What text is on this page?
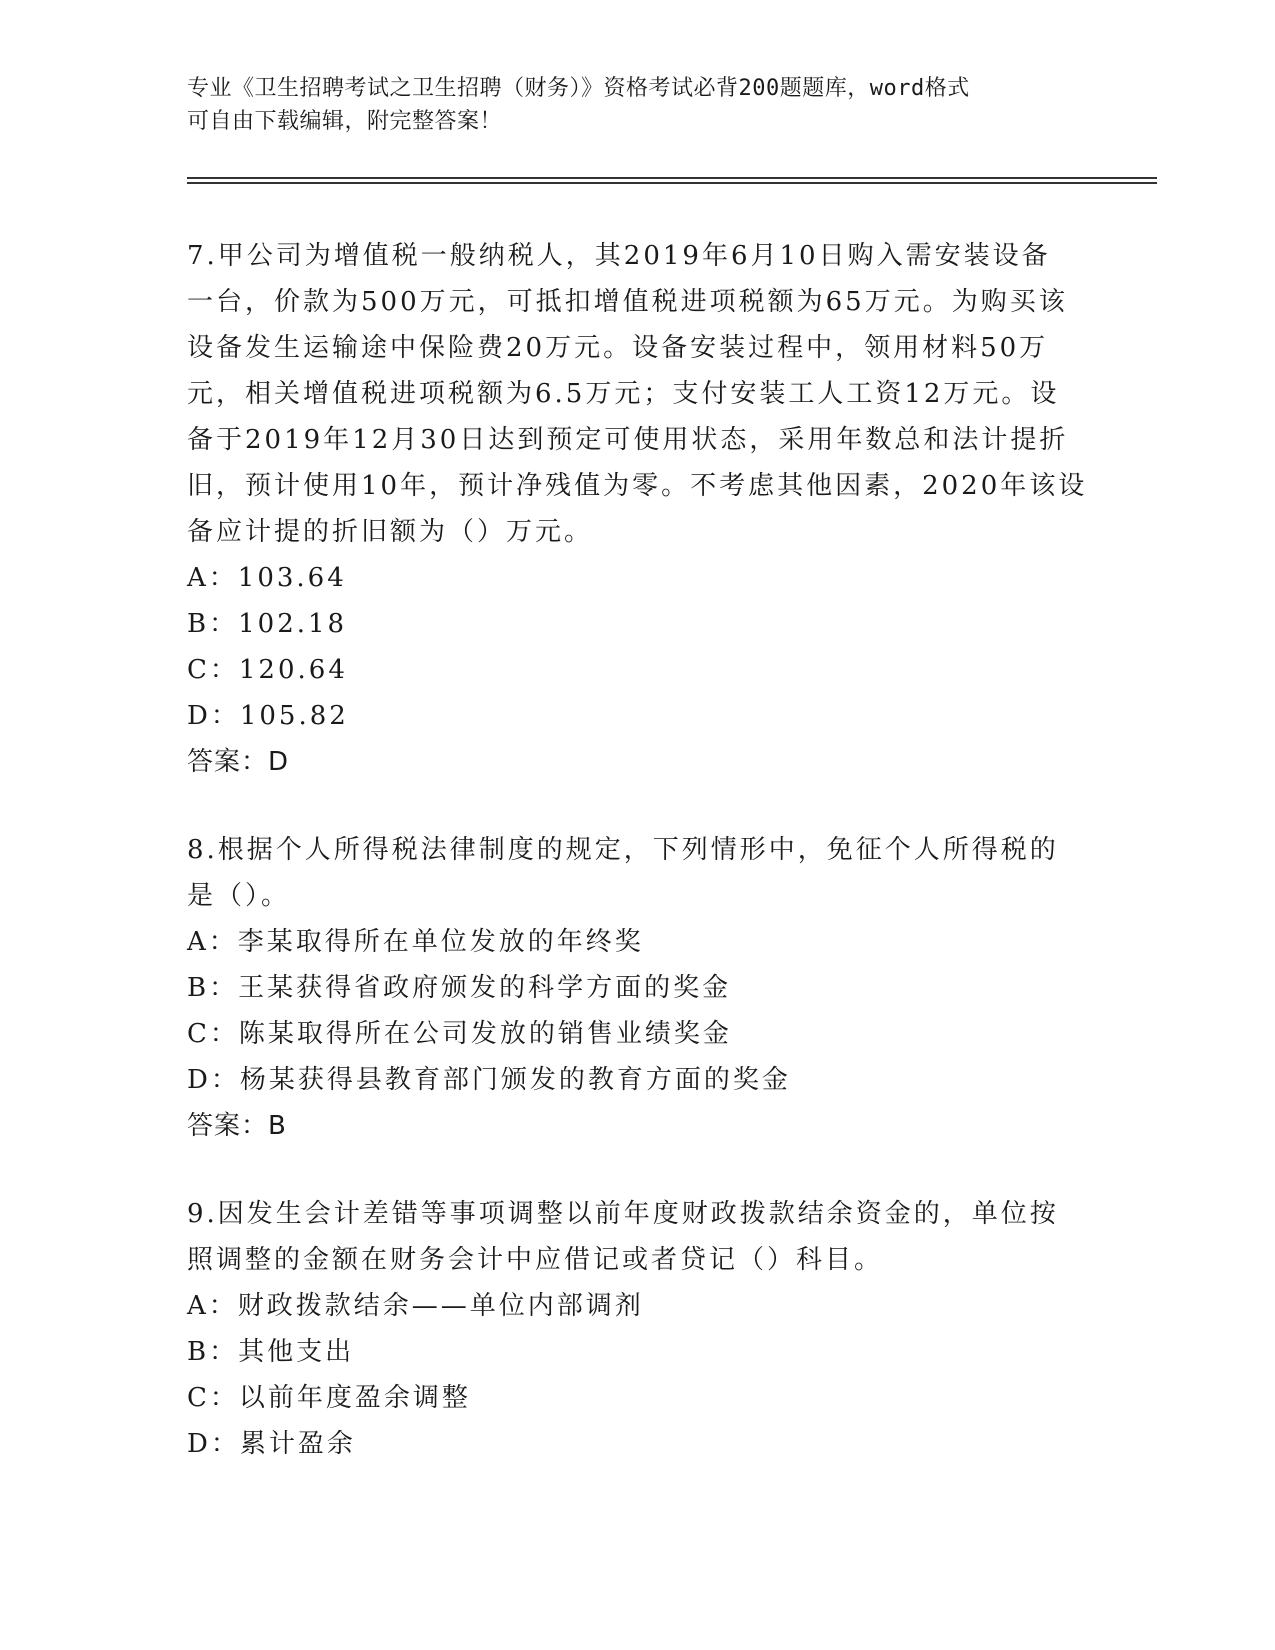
专业《卫生招聘考试之卫生招聘（财务）》资格考试必背200题题库，word格式
可自由下载编辑，附完整答案！
7.甲公司为增值税一般纳税人，其2019年6月10日购入需安装设备
一台，价款为500万元，可抵扣增值税进项税额为65万元。为购买该
设备发生运输途中保险费20万元。设备安装过程中，领用材料50万
元，相关增值税进项税额为6.5万元；支付安装工人工资12万元。设
备于2019年12月30日达到预定可使用状态，采用年数总和法计提折
旧，预计使用10年，预计净残值为零。不考虑其他因素，2020年该设
备应计提的折旧额为（）万元。
A：103.64
B：102.18
C：120.64
D：105.82
答案：D
8.根据个人所得税法律制度的规定，下列情形中，免征个人所得税的
是（）。
A：李某取得所在单位发放的年终奖
B：王某获得省政府颁发的科学方面的奖金
C：陈某取得所在公司发放的销售业绩奖金
D：杨某获得县教育部门颁发的教育方面的奖金
答案：B
9.因发生会计差错等事项调整以前年度财政拨款结余资金的，单位按
照调整的金额在财务会计中应借记或者贷记（）科目。
A：财政拨款结余——单位内部调剂
B：其他支出
C：以前年度盈余调整
D：累计盈余
